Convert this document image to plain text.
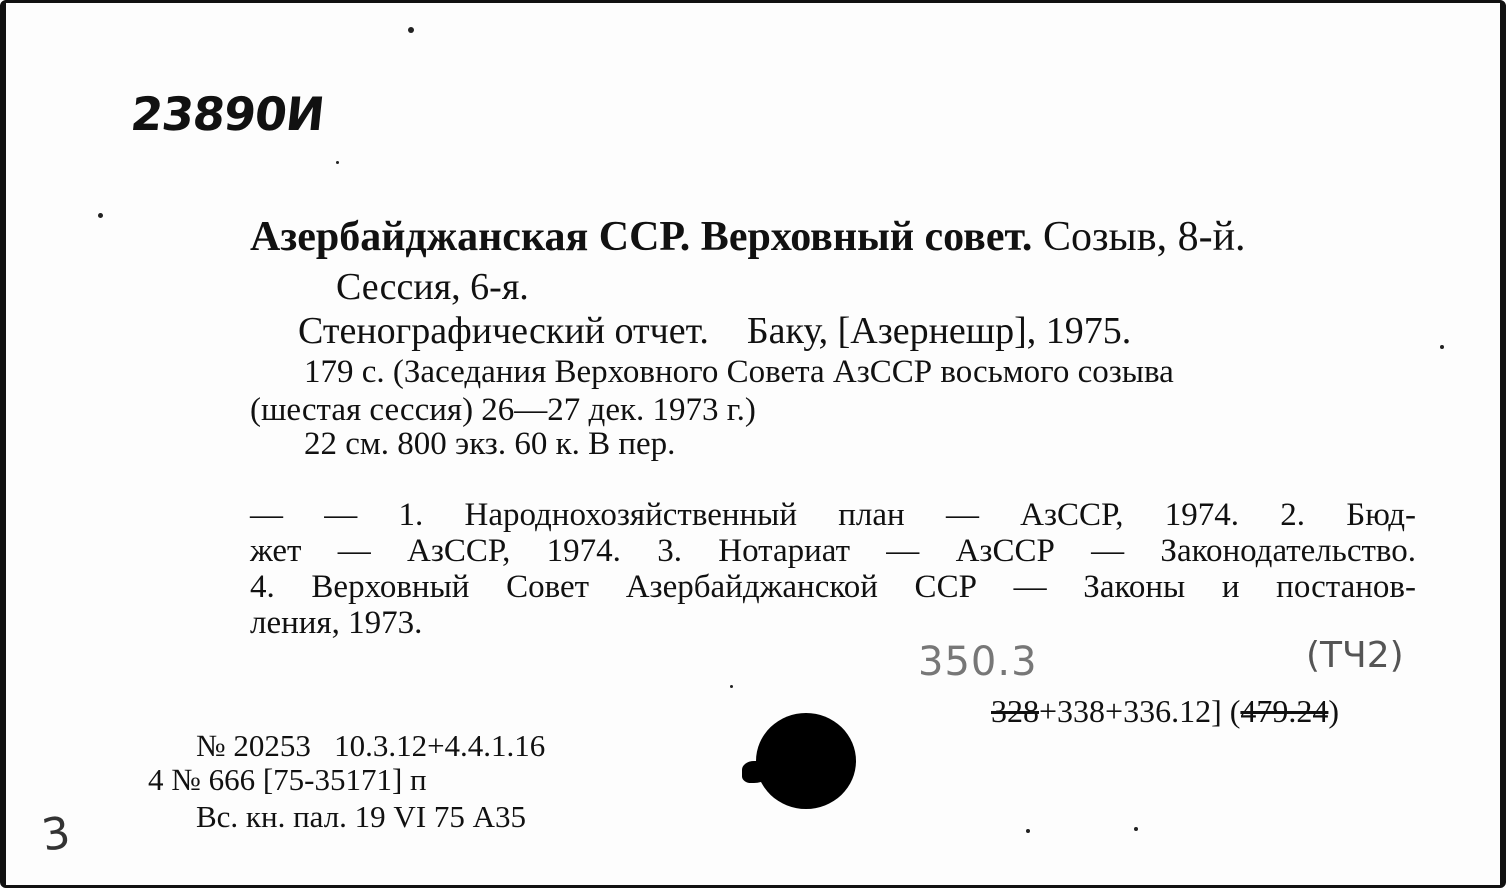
23890И
Азербайджанская ССР. Верховный совет. Созыв, 8-й.
Сессия, 6-я.
Стенографический отчет.    Баку, [Азернешр], 1975.
179 с. (Заседания Верховного Совета АзССР восьмого созыва
(шестая сессия) 26—27 дек. 1973 г.)
22 см. 800 экз. 60 к. В пер.
— — 1. Народнохозяйственный план — АзССР, 1974. 2. Бюд-
жет — АзССР, 1974. 3. Нотариат — АзССР — Законодательство.
4. Верховный Совет Азербайджанской ССР — Законы и постанов-
ления, 1973.
350.3	(ТЧ2)
328+338+336.12] (479.24)
№ 20253   10.3.12+4.4.1.16
4 № 666 [75-35171] п
Вс. кн. пал. 19 VI 75 А35
3
